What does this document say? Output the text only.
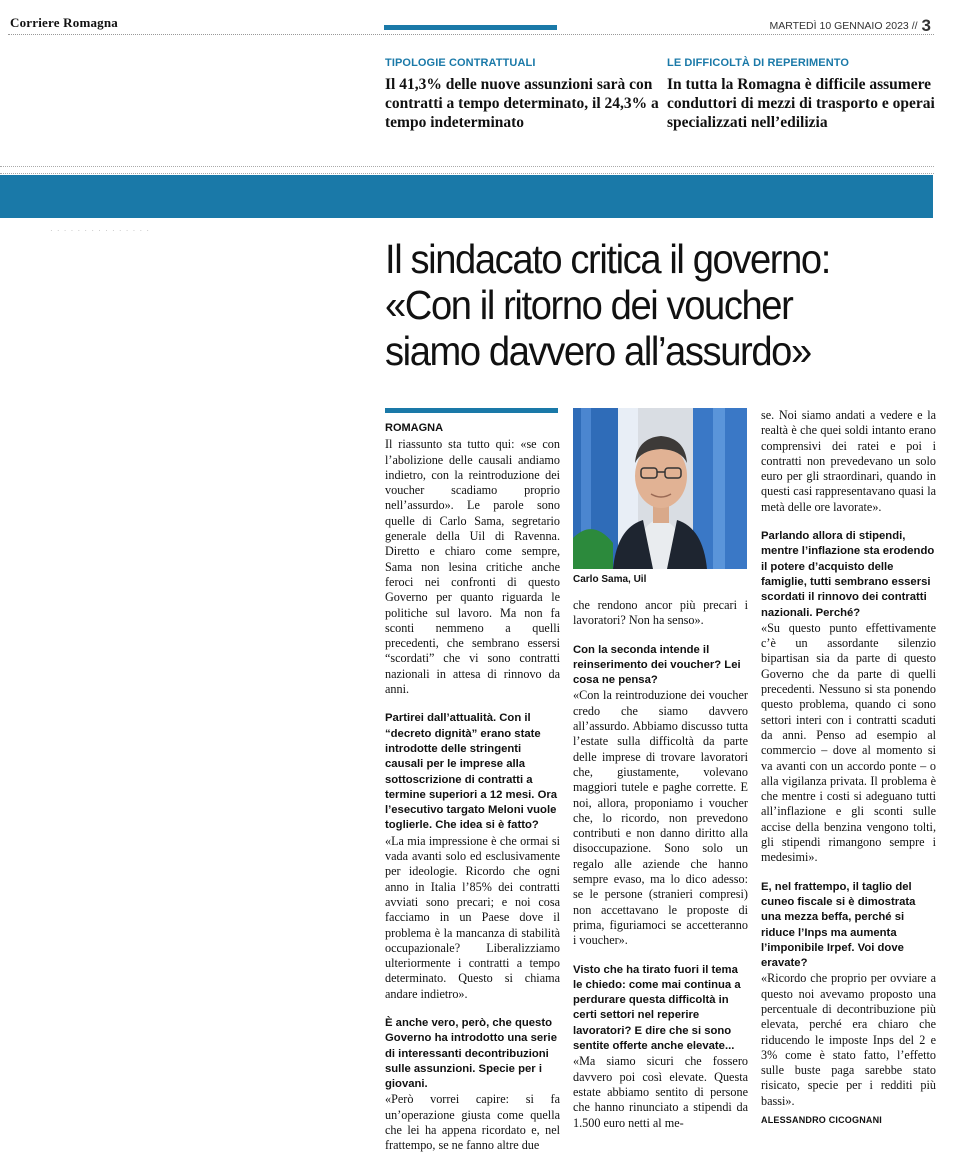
Corriere Romagna	MARTEDÌ 10 GENNAIO 2023 // 3
TIPOLOGIE CONTRATTUALI
Il 41,3% delle nuove assunzioni sarà con contratti a tempo determinato, il 24,3% a tempo indeterminato
LE DIFFICOLTÀ DI REPERIMENTO
In tutta la Romagna è difficile assumere conduttori di mezzi di trasporto e operai specializzati nell’edilizia
· · · · · · · · · · · · · · ·
Il sindacato critica il governo:
«Con il ritorno dei voucher
siamo davvero all’assurdo»
ROMAGNA

Il riassunto sta tutto qui: «se con l’abolizione delle causali andiamo indietro, con la reintroduzione dei voucher scadiamo proprio nell’assurdo». Le parole sono quelle di Carlo Sama, segretario generale della Uil di Ravenna. Diretto e chiaro come sempre, Sama non lesina critiche anche feroci nei confronti di questo Governo per quanto riguarda le politiche sul lavoro. Ma non fa sconti nemmeno a quelli precedenti, che sembrano essersi “scordati” che vi sono contratti nazionali in attesa di rinnovo da anni.

Partirei dall’attualità. Con il “decreto dignità” erano state introdotte delle stringenti causali per le imprese alla sottoscrizione di contratti a termine superiori a 12 mesi. Ora l’esecutivo targato Meloni vuole toglierle. Che idea si è fatto?

«La mia impressione è che ormai si vada avanti solo ed esclusivamente per ideologie. Ricordo che ogni anno in Italia l’85% dei contratti avviati sono precari; e noi cosa facciamo in un Paese dove il problema è la mancanza di stabilità occupazionale? Liberalizziamo ulteriormente i contratti a tempo determinato. Questo si chiama andare indietro».

È anche vero, però, che questo Governo ha introdotto una serie di interessanti decontribuzioni sulle assunzioni. Specie per i giovani.

«Però vorrei capire: si fa un’operazione giusta come quella che lei ha appena ricordato e, nel frattempo, se ne fanno altre due

Carlo Sama, Uil

che rendono ancor più precari i lavoratori? Non ha senso».

Con la seconda intende il reinserimento dei voucher? Lei cosa ne pensa?

«Con la reintroduzione dei voucher credo che siamo davvero all’assurdo. Abbiamo discusso tutta l’estate sulla difficoltà da parte delle imprese di trovare lavoratori che, giustamente, volevano maggiori tutele e paghe corrette. E noi, allora, proponiamo i voucher che, lo ricordo, non prevedono contributi e non danno diritto alla disoccupazione. Sono solo un regalo alle aziende che hanno sempre evaso, ma lo dico adesso: se le persone (stranieri compresi) non accettavano le proposte di prima, figuriamoci se accetteranno i voucher».

Visto che ha tirato fuori il tema le chiedo: come mai continua a perdurare questa difficoltà in certi settori nel reperire lavoratori? E dire che si sono sentite offerte anche elevate...

«Ma siamo sicuri che fossero davvero poi così elevate. Questa estate abbiamo sentito di persone che hanno rinunciato a stipendi da 1.500 euro netti al me-

se. Noi siamo andati a vedere e la realtà è che quei soldi intanto erano comprensivi dei ratei e poi i contratti non prevedevano un solo euro per gli straordinari, quando in questi casi rappresentavano quasi la metà delle ore lavorate».

Parlando allora di stipendi, mentre l’inflazione sta erodendo il potere d’acquisto delle famiglie, tutti sembrano essersi scordati il rinnovo dei contratti nazionali. Perché?

«Su questo punto effettivamente c’è un assordante silenzio bipartisan sia da parte di questo Governo che da parte di quelli precedenti. Nessuno si sta ponendo questo problema, quando ci sono settori interi con i contratti scaduti da anni. Penso ad esempio al commercio – dove al momento si va avanti con un accordo ponte – o alla vigilanza privata. Il problema è che mentre i costi si adeguano tutti all’inflazione e gli sconti sulle accise della benzina vengono tolti, gli stipendi rimangono sempre i medesimi».

E, nel frattempo, il taglio del cuneo fiscale si è dimostrata una mezza beffa, perché si riduce l’Inps ma aumenta l’imponibile Irpef. Voi dove eravate?

«Ricordo che proprio per ovviare a questo noi avevamo proposto una percentuale di decontribuzione più elevata, perché era chiaro che riducendo le imposte Inps del 2 e 3% come è stato fatto, l’effetto sulle buste paga sarebbe stato risicato, specie per i redditi più bassi».

ALESSANDRO CICOGNANI
